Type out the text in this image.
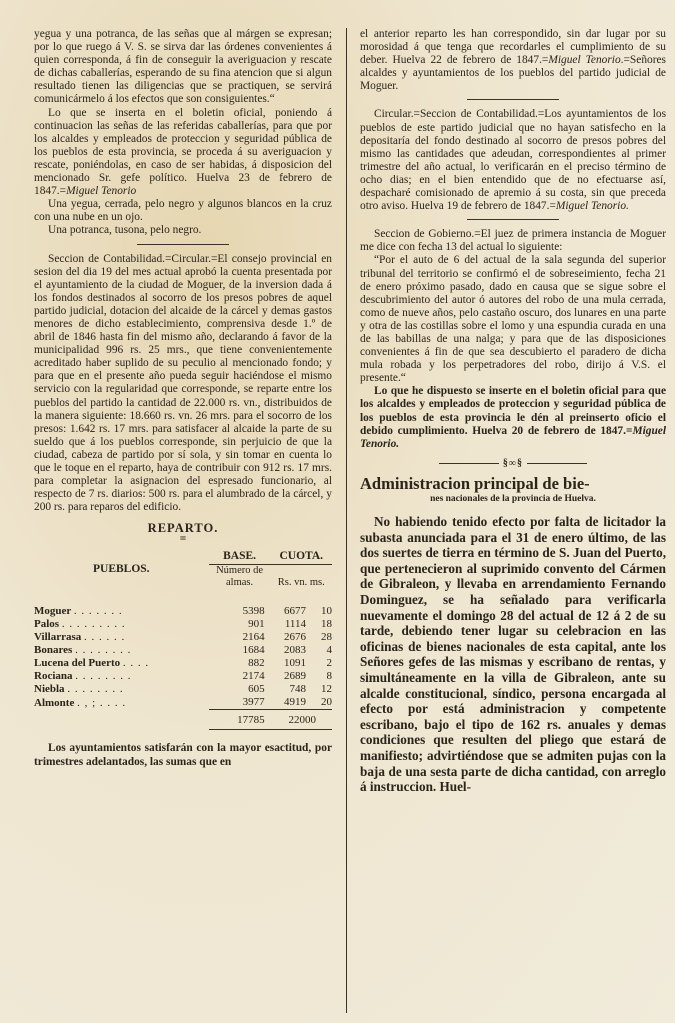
yegua y una potranca, de las señas que al márgen se expresan; por lo que ruego á V. S. se sirva dar las órdenes convenientes á quien corresponda, á fin de conseguir la averiguacion y rescate de dichas caballerías, esperando de su fina atencion que si algun resultado tienen las diligencias que se practiquen, se servirá comunicármelo á los efectos que son consiguientes.“

Lo que se inserta en el boletin oficial, poniendo á continuacion las señas de las referidas caballerías, para que por los alcaldes y empleados de proteccion y seguridad pública de los pueblos de esta provincia, se proceda á su averiguacion y rescate, poniéndolas, en caso de ser habidas, á disposicion del mencionado Sr. gefe político. Huelva 23 de febrero de 1847.=Miguel Tenorio

Una yegua, cerrada, pelo negro y algunos blancos en la cruz con una nube en un ojo.

Una potranca, tusona, pelo negro.

Seccion de Contabilidad.=Circular.=El consejo provincial en sesion del dia 19 del mes actual aprobó la cuenta presentada por el ayuntamiento de la ciudad de Moguer, de la inversion dada á los fondos destinados al socorro de los presos pobres de aquel partido judicial, dotacion del alcaide de la cárcel y demas gastos menores de dicho establecimiento, comprensiva desde 1.º de abril de 1846 hasta fin del mismo año, declarando á favor de la municipalidad 996 rs. 25 mrs., que tiene convenientemente acreditado haber suplido de su peculio al mencionado fondo; y para que en el presente año pueda seguir haciéndose el mismo servicio con la regularidad que corresponde, se reparte entre los pueblos del partido la cantidad de 22.000 rs. vn., distribuidos de la manera siguiente: 18.660 rs. vn. 26 mrs. para el socorro de los presos: 1.642 rs. 17 mrs. para satisfacer al alcaide la parte de su sueldo que á los pueblos corresponde, sin perjuicio de que la ciudad, cabeza de partido por sí sola, y sin tomar en cuenta lo que le toque en el reparto, haya de contribuir con 912 rs. 17 mrs. para completar la asignacion del espresado funcionario, al respecto de 7 rs. diarios: 500 rs. para el alumbrado de la cárcel, y 200 rs. para reparos del edificio.

REPARTO.
=
PUEBLOS.	BASE.	CUOTA.	
	Número de almas.	Rs. vn. ms.	

Moguer . . . . . . .	5398	6677	10
Palos . . . . . . . . .	901	1114	18
Villarrasa . . . . . .	2164	2676	28
Bonares . . . . . . . .	1684	2083	4
Lucena del Puerto . . . .	882	1091	2
Rociana . . . . . . . .	2174	2689	8
Niebla . . . . . . . .	605	748	12
Almonte . , ; . . . .	3977	4919	20
	17785	22000	

Los ayuntamientos satisfarán con la mayor esactitud, por trimestres adelantados, las sumas que en

el anterior reparto les han correspondido, sin dar lugar por su morosidad á que tenga que recordarles el cumplimiento de su deber. Huelva 22 de febrero de 1847.=Miguel Tenorio.=Señores alcaldes y ayuntamientos de los pueblos del partido judicial de Moguer.

Circular.=Seccion de Contabilidad.=Los ayuntamientos de los pueblos de este partido judicial que no hayan satisfecho en la depositaría del fondo destinado al socorro de presos pobres del mismo las cantidades que adeudan, correspondientes al primer trimestre del año actual, lo verificarán en el preciso término de ocho dias; en el bien entendido que de no efectuarse así, despacharé comisionado de apremio á su costa, sin que preceda otro aviso. Huelva 19 de febrero de 1847.=Miguel Tenorio.

Seccion de Gobierno.=El juez de primera instancia de Moguer me dice con fecha 13 del actual lo siguiente:

“Por el auto de 6 del actual de la sala segunda del superior tribunal del territorio se confirmó el de sobreseimiento, fecha 21 de enero próximo pasado, dado en causa que se sigue sobre el descubrimiento del autor ó autores del robo de una mula cerrada, como de nueve años, pelo castaño oscuro, dos lunares en una parte y otra de las costillas sobre el lomo y una espundia curada en una de las babillas de una nalga; y para que de las disposiciones convenientes á fin de que sea descubierto el paradero de dicha mula robada y los perpetradores del robo, dirijo á V.S. el presente.“

Lo que he dispuesto se inserte en el boletin oficial para que los alcaldes y empleados de proteccion y seguridad pública de los pueblos de esta provincia le dén al preinserto oficio el debido cumplimiento. Huelva 20 de febrero de 1847.=Miguel Tenorio.

§∞§
Administracion principal de bie-
nes nacionales de la provincia de Huelva.

No habiendo tenido efecto por falta de licitador la subasta anunciada para el 31 de enero último, de las dos suertes de tierra en término de S. Juan del Puerto, que pertenecieron al suprimido convento del Cármen de Gibraleon, y llevaba en arrendamiento Fernando Dominguez, se ha señalado para verificarla nuevamente el domingo 28 del actual de 12 á 2 de su tarde, debiendo tener lugar su celebracion en las oficinas de bienes nacionales de esta capital, ante los Señores gefes de las mismas y escribano de rentas, y simultáneamente en la villa de Gibraleon, ante su alcalde constitucional, síndico, persona encargada al efecto por está administracion y competente escribano, bajo el tipo de 162 rs. anuales y demas condiciones que resulten del pliego que estará de manifiesto; advirtiéndose que se admiten pujas con la baja de una sesta parte de dicha cantidad, con arreglo á instruccion. Huel-
